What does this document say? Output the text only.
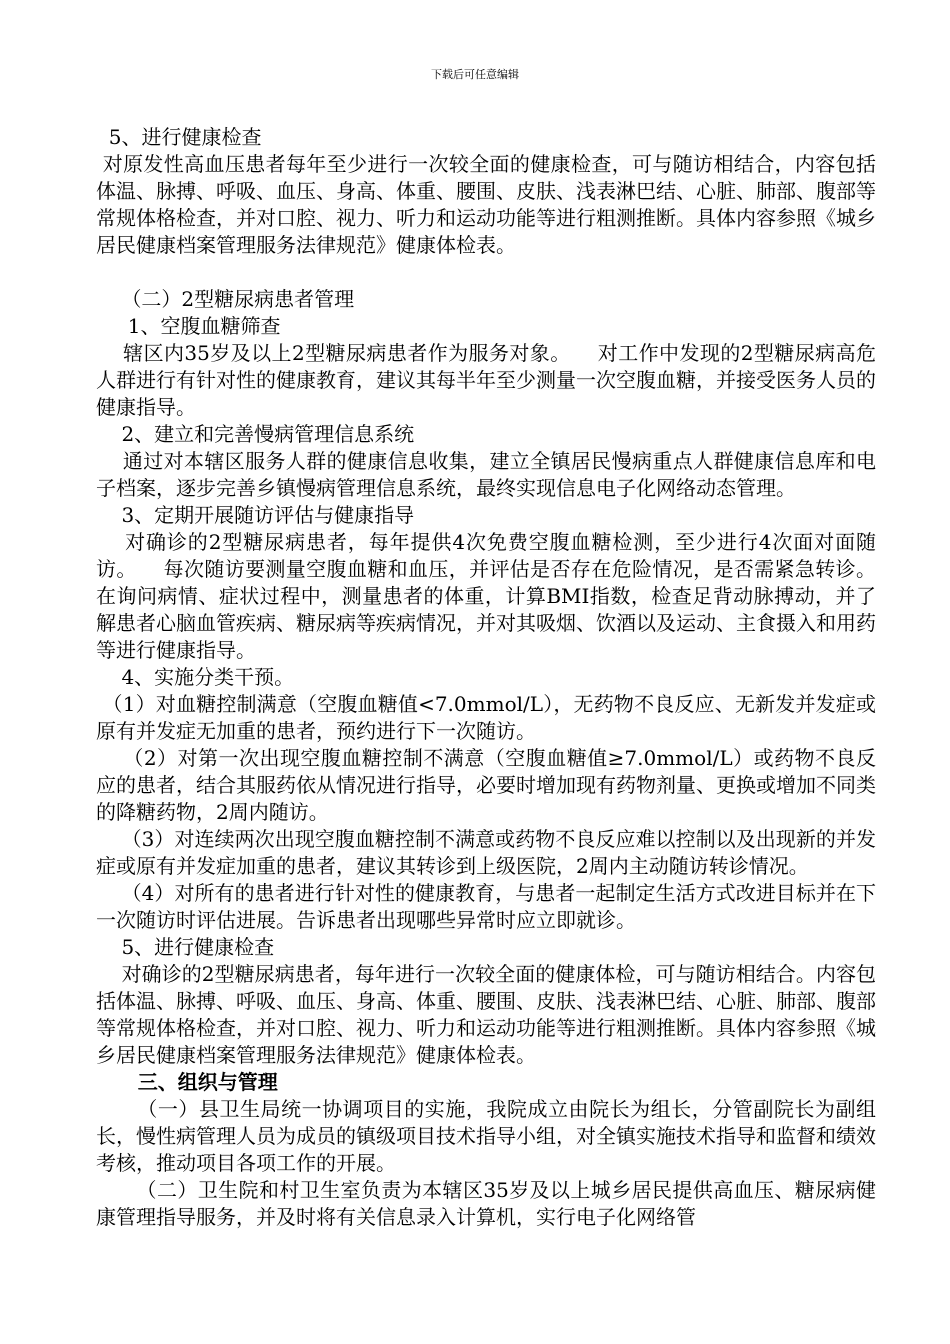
下载后可任意编辑

5、进行健康检查

对原发性高血压患者每年至少进行一次较全面的健康检查，可与随访相结合，内容包括体温、脉搏、呼吸、血压、身高、体重、腰围、皮肤、浅表淋巴结、心脏、肺部、腹部等常规体格检查，并对口腔、视力、听力和运动功能等进行粗测推断。具体内容参照《城乡居民健康档案管理服务法律规范》健康体检表。

（二）2型糖尿病患者管理

1、空腹血糖筛查

辖区内35岁及以上2型糖尿病患者作为服务对象。    对工作中发现的2型糖尿病高危人群进行有针对性的健康教育，建议其每半年至少测量一次空腹血糖，并接受医务人员的健康指导。

2、建立和完善慢病管理信息系统

通过对本辖区服务人群的健康信息收集，建立全镇居民慢病重点人群健康信息库和电子档案，逐步完善乡镇慢病管理信息系统，最终实现信息电子化网络动态管理。

3、定期开展随访评估与健康指导

对确诊的2型糖尿病患者，每年提供4次免费空腹血糖检测，至少进行4次面对面随访。    每次随访要测量空腹血糖和血压，并评估是否存在危险情况，是否需紧急转诊。在询问病情、症状过程中，测量患者的体重，计算BMI指数，检查足背动脉搏动，并了解患者心脑血管疾病、糖尿病等疾病情况，并对其吸烟、饮酒以及运动、主食摄入和用药等进行健康指导。

4、实施分类干预。

（1）对血糖控制满意（空腹血糖值<7.0mmol/L），无药物不良反应、无新发并发症或原有并发症无加重的患者，预约进行下一次随访。

（2）对第一次出现空腹血糖控制不满意（空腹血糖值≥7.0mmol/L）或药物不良反应的患者，结合其服药依从情况进行指导，必要时增加现有药物剂量、更换或增加不同类的降糖药物，2周内随访。

（3）对连续两次出现空腹血糖控制不满意或药物不良反应难以控制以及出现新的并发症或原有并发症加重的患者，建议其转诊到上级医院，2周内主动随访转诊情况。

（4）对所有的患者进行针对性的健康教育，与患者一起制定生活方式改进目标并在下一次随访时评估进展。告诉患者出现哪些异常时应立即就诊。

5、进行健康检查

对确诊的2型糖尿病患者，每年进行一次较全面的健康体检，可与随访相结合。内容包括体温、脉搏、呼吸、血压、身高、体重、腰围、皮肤、浅表淋巴结、心脏、肺部、腹部等常规体格检查，并对口腔、视力、听力和运动功能等进行粗测推断。具体内容参照《城乡居民健康档案管理服务法律规范》健康体检表。

三、组织与管理

（一）县卫生局统一协调项目的实施，我院成立由院长为组长，分管副院长为副组长，慢性病管理人员为成员的镇级项目技术指导小组，对全镇实施技术指导和监督和绩效考核，推动项目各项工作的开展。

（二）卫生院和村卫生室负责为本辖区35岁及以上城乡居民提供高血压、糖尿病健康管理指导服务，并及时将有关信息录入计算机，实行电子化网络管
